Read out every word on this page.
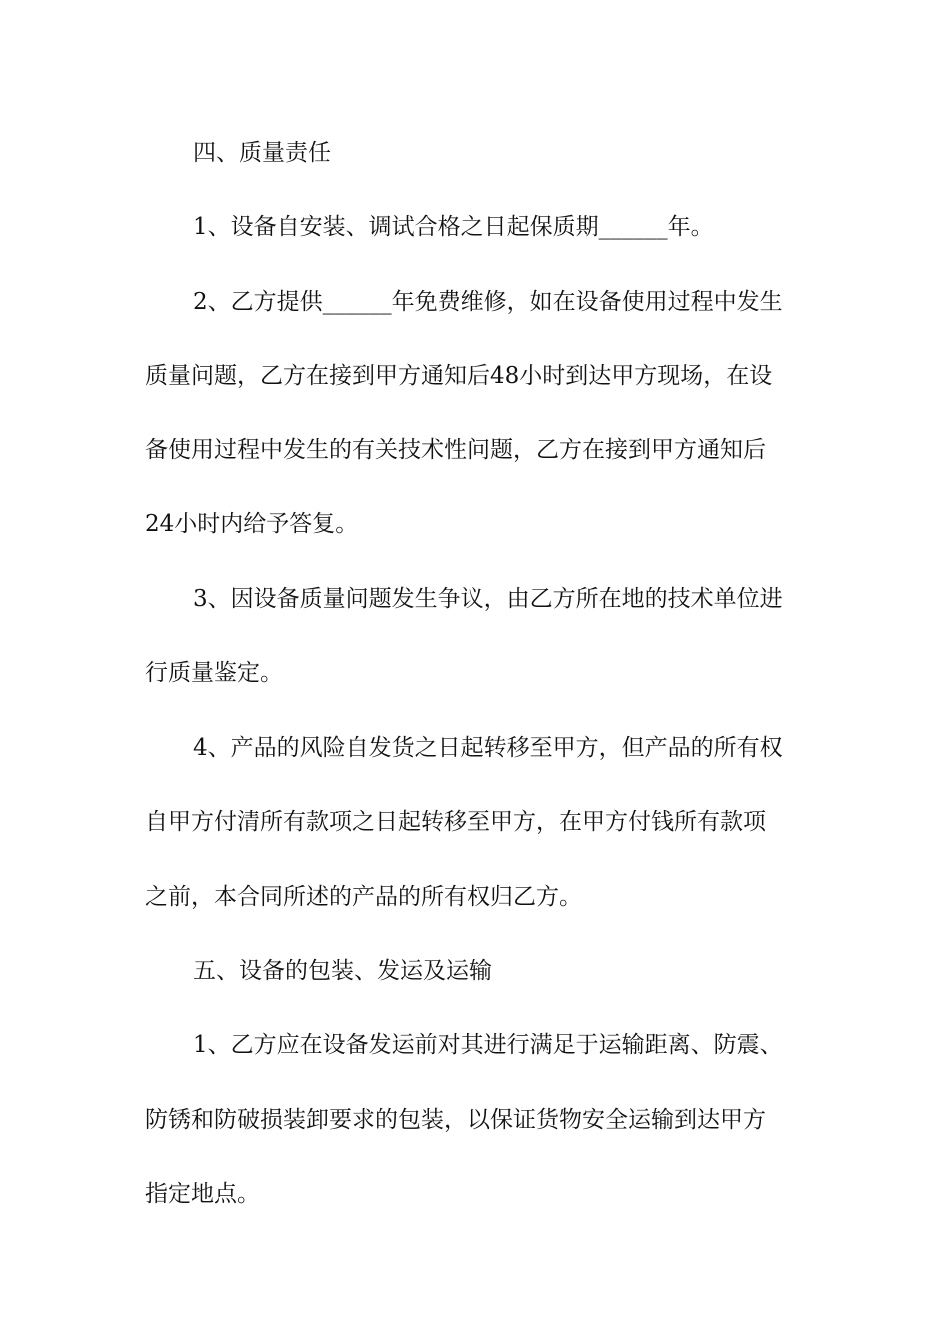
四、质量责任
1、设备自安装、调试合格之日起保质期______年。
2、乙方提供______年免费维修，如在设备使用过程中发生
质量问题，乙方在接到甲方通知后48小时到达甲方现场，在设
备使用过程中发生的有关技术性问题，乙方在接到甲方通知后
24小时内给予答复。
3、因设备质量问题发生争议，由乙方所在地的技术单位进
行质量鉴定。
4、产品的风险自发货之日起转移至甲方，但产品的所有权
自甲方付清所有款项之日起转移至甲方，在甲方付钱所有款项
之前，本合同所述的产品的所有权归乙方。
五、设备的包装、发运及运输
1、乙方应在设备发运前对其进行满足于运输距离、防震、
防锈和防破损装卸要求的包装，以保证货物安全运输到达甲方
指定地点。
